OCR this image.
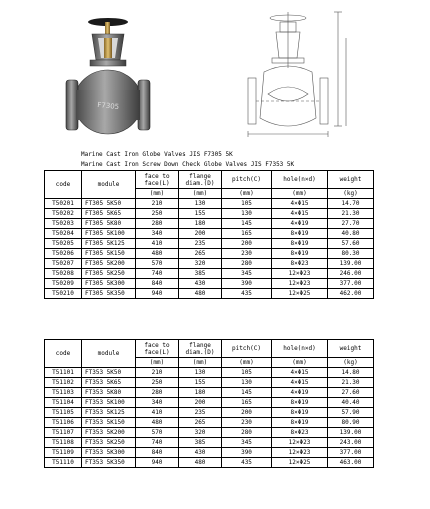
F7305
Marine Cast Iron Globe Valves JIS F7305 5K
Marine Cast Iron Screw Down Check Globe Valves JIS F7353 5K
code	module	face to face(L)	flange diam.(D)	pitch(C)	hole(n×d)	weight
		(mm)	(mm)	(mm)	(mm)	(kg)
T50201	FT305 5K50	210	130	105	4×Φ15	14.70
T50202	FT305 5K65	250	155	130	4×Φ15	21.30
T50203	FT305 5K80	280	180	145	4×Φ19	27.70
T50204	FT305 5K100	340	200	165	8×Φ19	40.80
T50205	FT305 5K125	410	235	200	8×Φ19	57.60
T50206	FT305 5K150	480	265	230	8×Φ19	80.30
T50207	FT305 5K200	570	320	280	8×Φ23	139.00
T50208	FT305 5K250	740	385	345	12×Φ23	246.00
T50209	FT305 5K300	840	430	390	12×Φ23	377.00
T50210	FT305 5K350	940	480	435	12×Φ25	462.00
code	module	face to face(L)	flange diam.(D)	pitch(C)	hole(n×d)	weight
		(mm)	(mm)	(mm)	(mm)	(kg)
T51101	FT353 5K50	210	130	105	4×Φ15	14.80
T51102	FT353 5K65	250	155	130	4×Φ15	21.30
T51103	FT353 5K80	280	180	145	4×Φ19	27.60
T51104	FT353 5K100	340	200	165	8×Φ19	40.40
T51105	FT353 5K125	410	235	200	8×Φ19	57.90
T51106	FT353 5K150	480	265	230	8×Φ19	80.90
T51107	FT353 5K200	570	320	280	8×Φ23	139.00
T51108	FT353 5K250	740	385	345	12×Φ23	243.00
T51109	FT353 5K300	840	430	390	12×Φ23	377.00
T51110	FT353 5K350	940	480	435	12×Φ25	463.00
